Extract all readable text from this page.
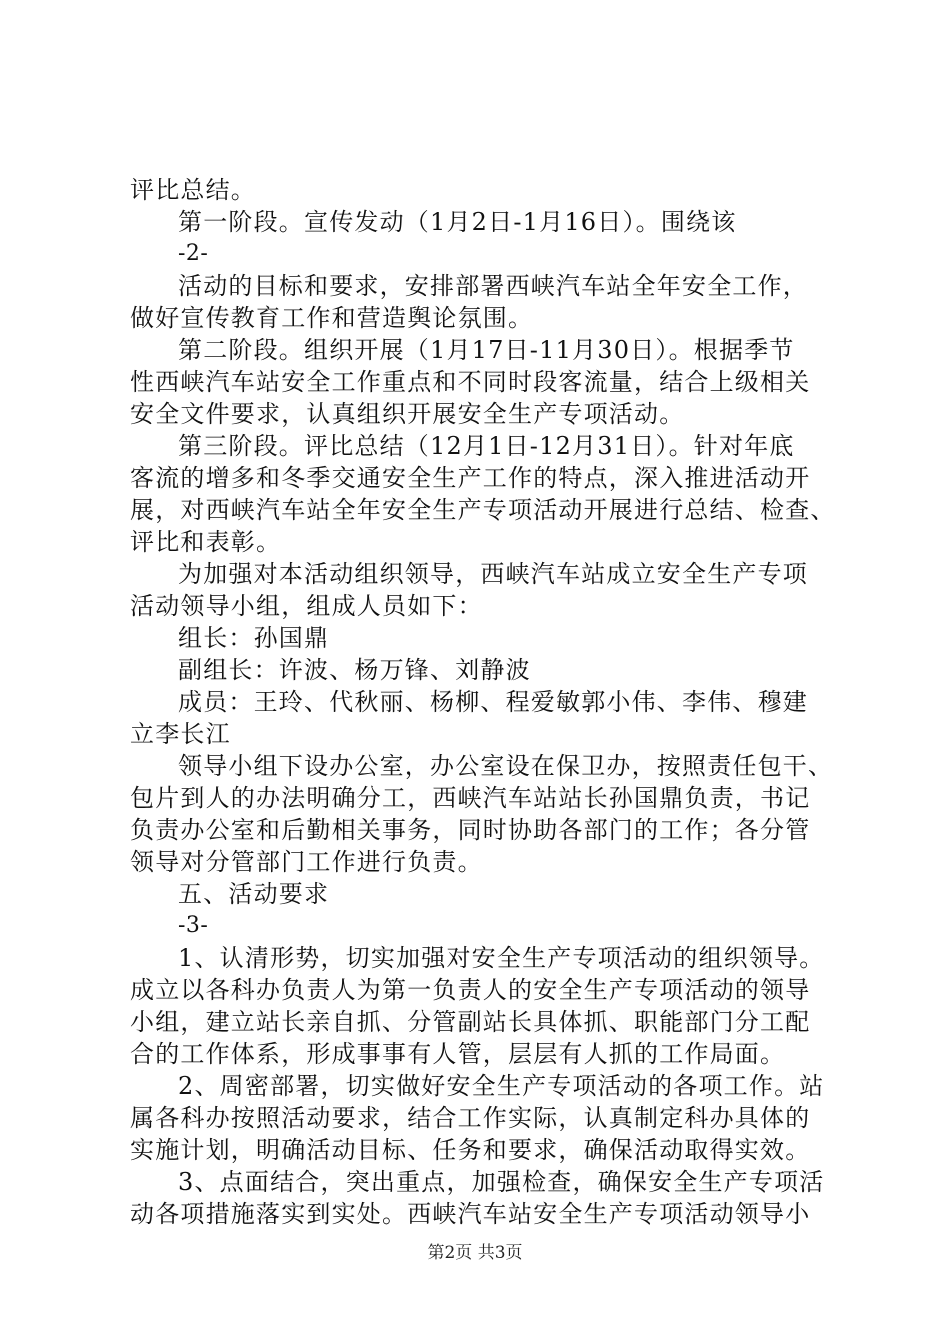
评比总结。
第一阶段。宣传发动（1月2日-1月16日）。围绕该
-2-
活动的目标和要求，安排部署西峡汽车站全年安全工作，
做好宣传教育工作和营造舆论氛围。
第二阶段。组织开展（1月17日-11月30日）。根据季节
性西峡汽车站安全工作重点和不同时段客流量，结合上级相关
安全文件要求，认真组织开展安全生产专项活动。
第三阶段。评比总结（12月1日-12月31日）。针对年底
客流的增多和冬季交通安全生产工作的特点，深入推进活动开
展，对西峡汽车站全年安全生产专项活动开展进行总结、检查、
评比和表彰。
为加强对本活动组织领导，西峡汽车站成立安全生产专项
活动领导小组，组成人员如下：
组长：孙国鼎
副组长：许波、杨万锋、刘静波
成员：王玲、代秋丽、杨柳、程爱敏郭小伟、李伟、穆建
立李长江
领导小组下设办公室，办公室设在保卫办，按照责任包干、
包片到人的办法明确分工，西峡汽车站站长孙国鼎负责，书记
负责办公室和后勤相关事务，同时协助各部门的工作；各分管
领导对分管部门工作进行负责。
五、活动要求
-3-
1、认清形势，切实加强对安全生产专项活动的组织领导。
成立以各科办负责人为第一负责人的安全生产专项活动的领导
小组，建立站长亲自抓、分管副站长具体抓、职能部门分工配
合的工作体系，形成事事有人管，层层有人抓的工作局面。
2、周密部署，切实做好安全生产专项活动的各项工作。站
属各科办按照活动要求，结合工作实际，认真制定科办具体的
实施计划，明确活动目标、任务和要求，确保活动取得实效。
3、点面结合，突出重点，加强检查，确保安全生产专项活
动各项措施落实到实处。西峡汽车站安全生产专项活动领导小
第2页 共3页
